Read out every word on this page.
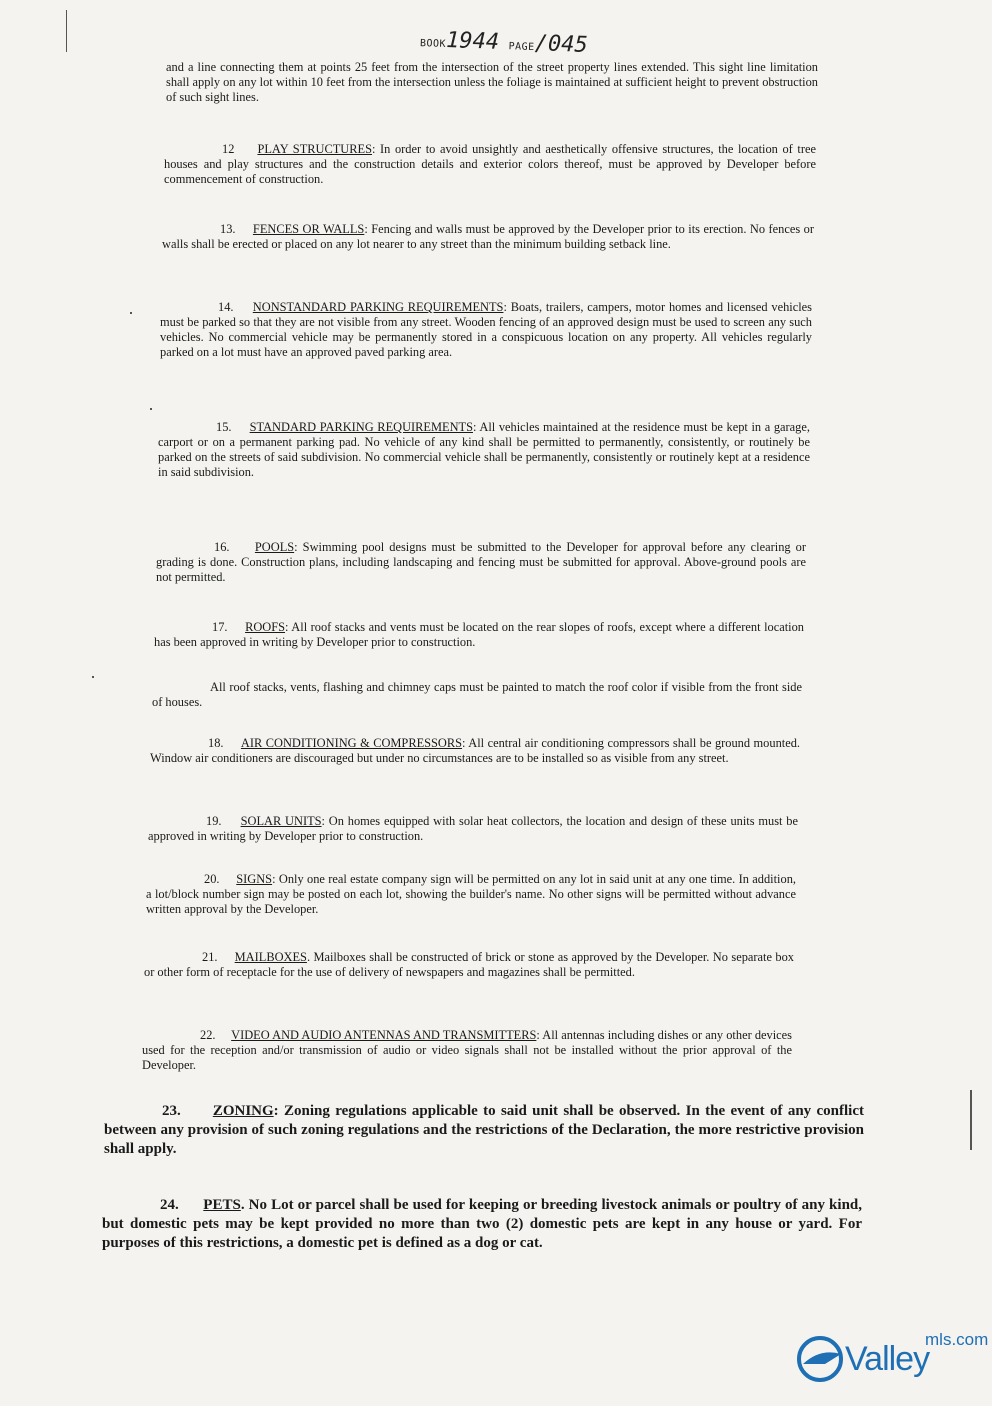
BOOK1944 PAGE/045

and a line connecting them at points 25 feet from the intersection of the street property lines extended. This sight line limitation shall apply on any lot within 10 feet from the intersection unless the foliage is maintained at sufficient height to prevent obstruction of such sight lines.

12 PLAY STRUCTURES: In order to avoid unsightly and aesthetically offensive structures, the location of tree houses and play structures and the construction details and exterior colors thereof, must be approved by Developer before commencement of construction.

13. FENCES OR WALLS: Fencing and walls must be approved by the Developer prior to its erection. No fences or walls shall be erected or placed on any lot nearer to any street than the minimum building setback line.

14. NONSTANDARD PARKING REQUIREMENTS: Boats, trailers, campers, motor homes and licensed vehicles must be parked so that they are not visible from any street. Wooden fencing of an approved design must be used to screen any such vehicles. No commercial vehicle may be permanently stored in a conspicuous location on any property. All vehicles regularly parked on a lot must have an approved paved parking area.

15. STANDARD PARKING REQUIREMENTS: All vehicles maintained at the residence must be kept in a garage, carport or on a permanent parking pad. No vehicle of any kind shall be permitted to permanently, consistently, or routinely be parked on the streets of said subdivision. No commercial vehicle shall be permanently, consistently or routinely kept at a residence in said subdivision.

16. POOLS: Swimming pool designs must be submitted to the Developer for approval before any clearing or grading is done. Construction plans, including landscaping and fencing must be submitted for approval. Above-ground pools are not permitted.

17. ROOFS: All roof stacks and vents must be located on the rear slopes of roofs, except where a different location has been approved in writing by Developer prior to construction.

All roof stacks, vents, flashing and chimney caps must be painted to match the roof color if visible from the front side of houses.

18. AIR CONDITIONING & COMPRESSORS: All central air conditioning compressors shall be ground mounted. Window air conditioners are discouraged but under no circumstances are to be installed so as visible from any street.

19. SOLAR UNITS: On homes equipped with solar heat collectors, the location and design of these units must be approved in writing by Developer prior to construction.

20. SIGNS: Only one real estate company sign will be permitted on any lot in said unit at any one time. In addition, a lot/block number sign may be posted on each lot, showing the builder's name. No other signs will be permitted without advance written approval by the Developer.

21. MAILBOXES. Mailboxes shall be constructed of brick or stone as approved by the Developer. No separate box or other form of receptacle for the use of delivery of newspapers and magazines shall be permitted.

22. VIDEO AND AUDIO ANTENNAS AND TRANSMITTERS: All antennas including dishes or any other devices used for the reception and/or transmission of audio or video signals shall not be installed without the prior approval of the Developer.

23. ZONING: Zoning regulations applicable to said unit shall be observed. In the event of any conflict between any provision of such zoning regulations and the restrictions of the Declaration, the more restrictive provision shall apply.

24. PETS. No Lot or parcel shall be used for keeping or breeding livestock animals or poultry of any kind, but domestic pets may be kept provided no more than two (2) domestic pets are kept in any house or yard. For purposes of this restrictions, a domestic pet is defined as a dog or cat.

Valley
mls.com
